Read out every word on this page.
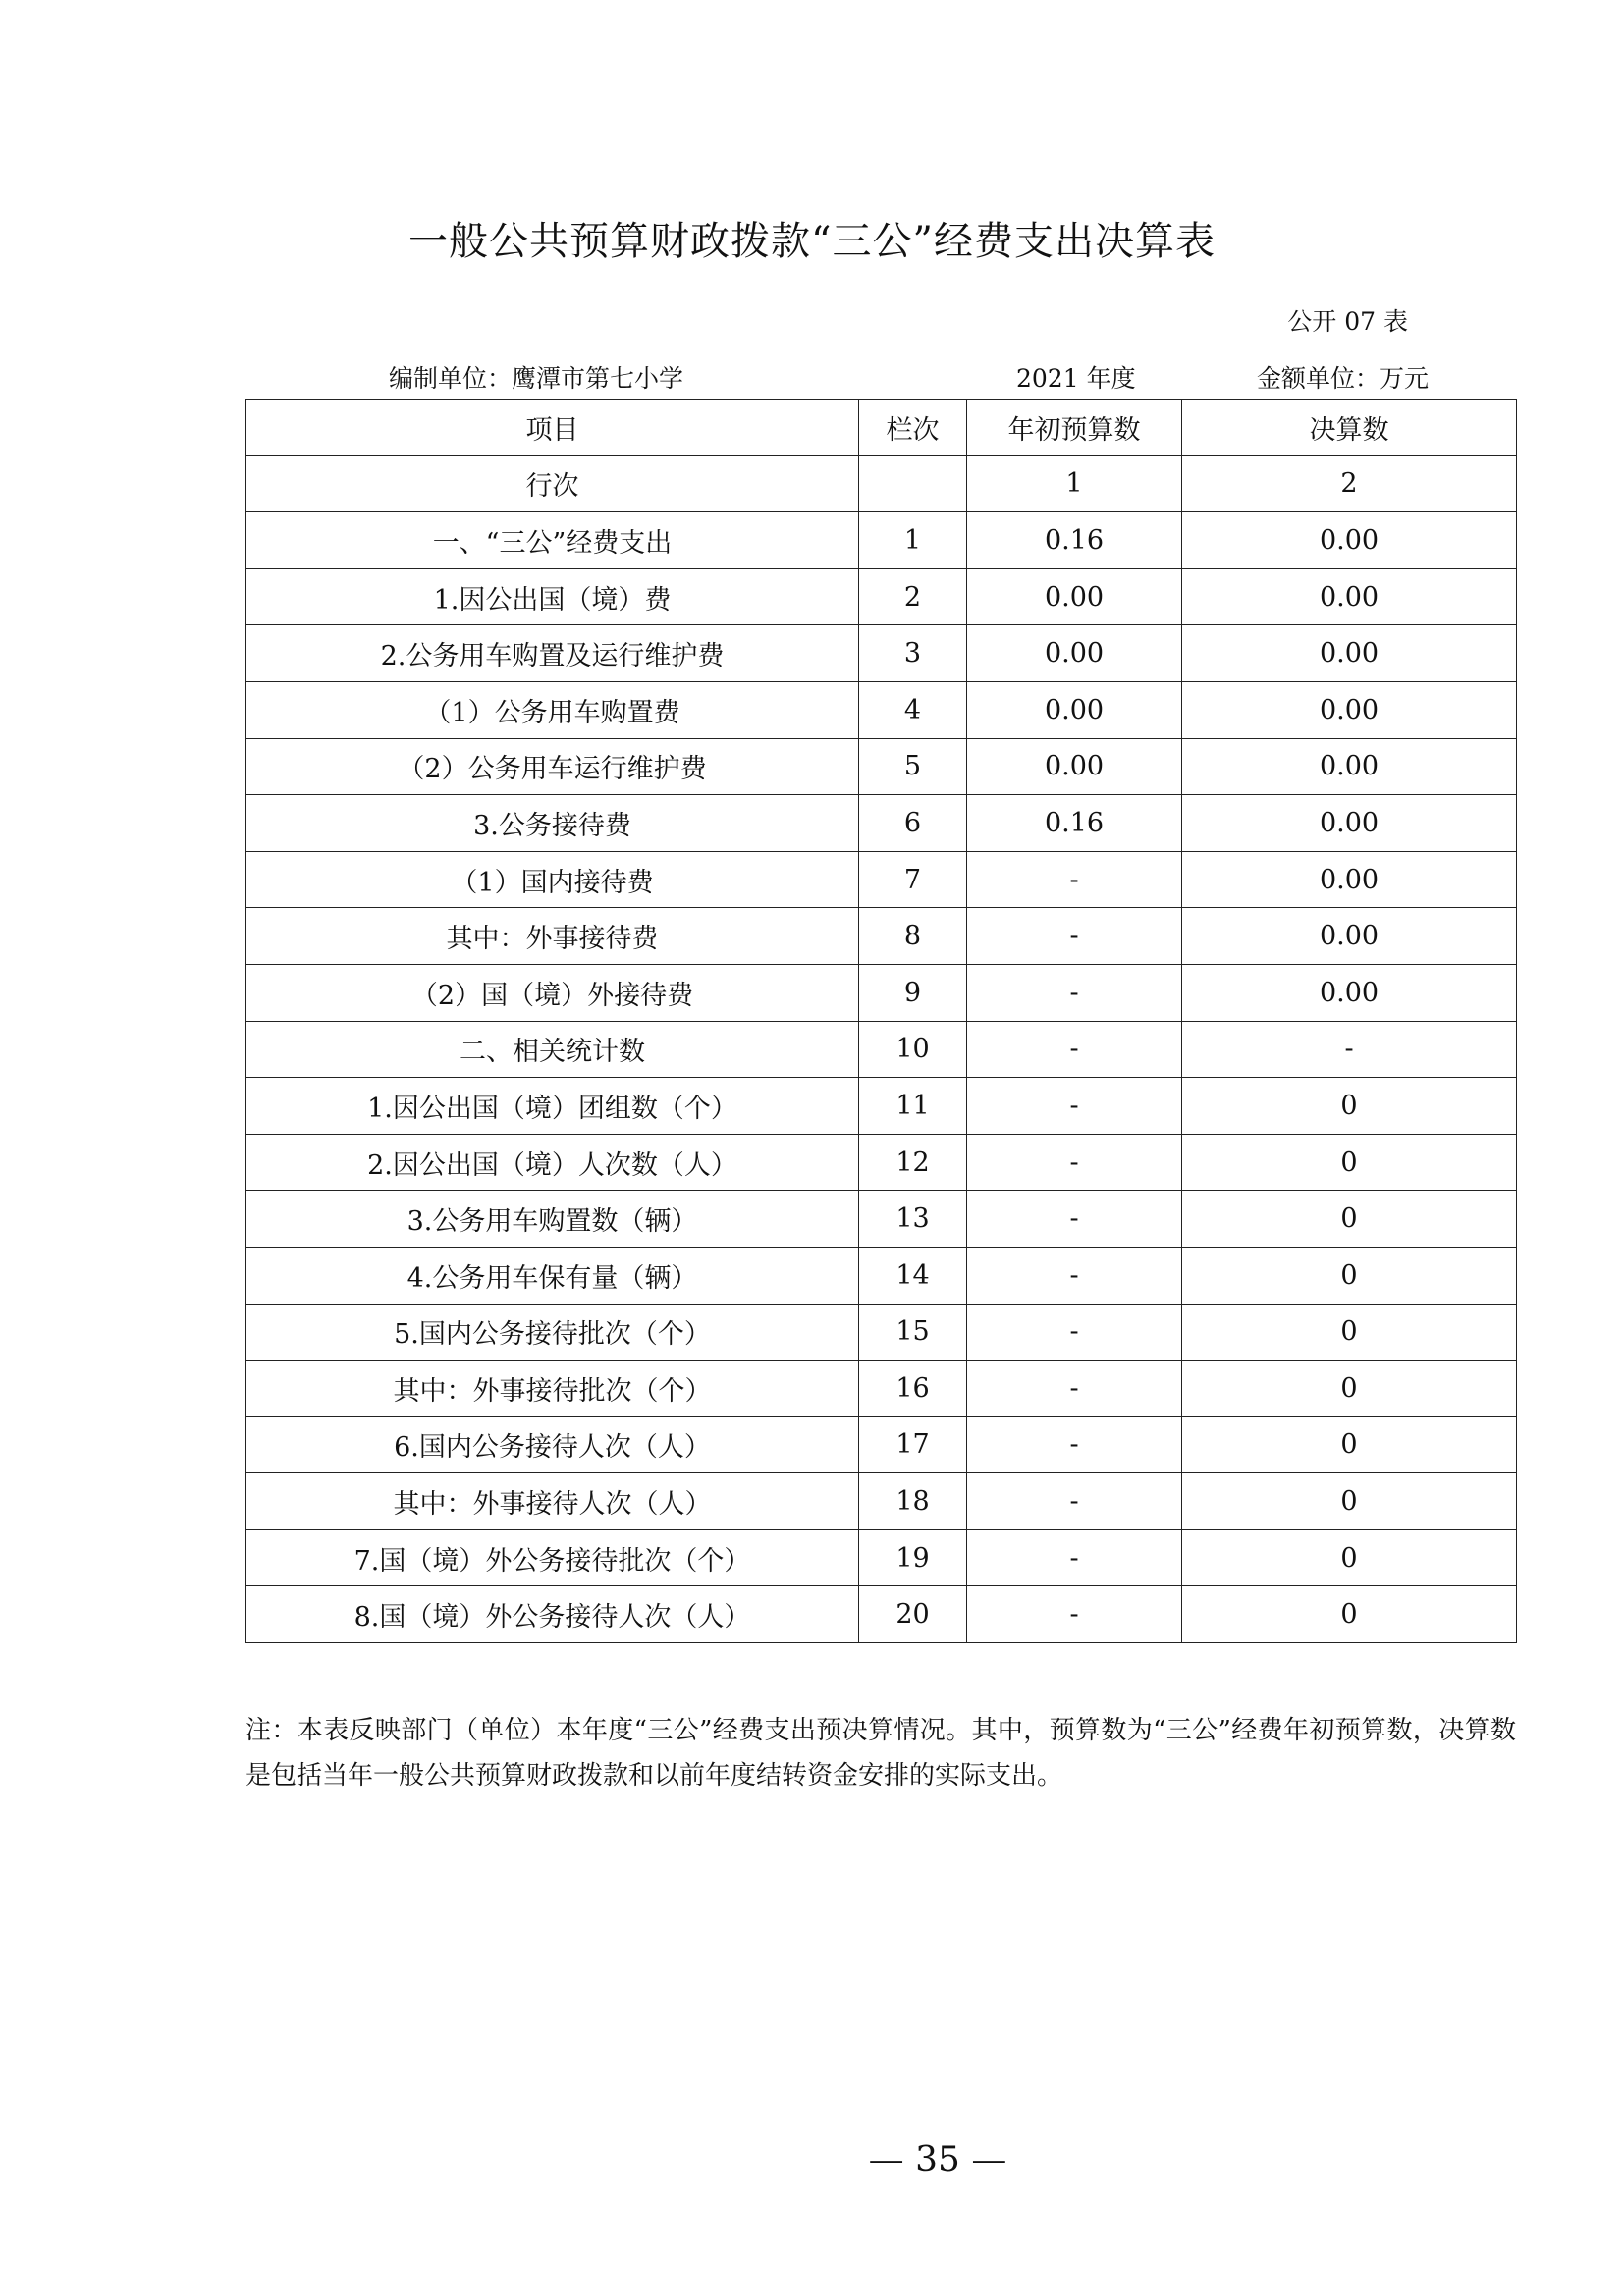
一般公共预算财政拨款“三公”经费支出决算表
公开 07 表
编制单位：鹰潭市第七小学	2021 年度	金额单位：万元
项目	栏次	年初预算数	决算数
行次		1	2
一、“三公”经费支出	1	0.16	0.00
1.因公出国（境）费	2	0.00	0.00
2.公务用车购置及运行维护费	3	0.00	0.00
（1）公务用车购置费	4	0.00	0.00
（2）公务用车运行维护费	5	0.00	0.00
3.公务接待费	6	0.16	0.00
（1）国内接待费	7	-	0.00
其中：外事接待费	8	-	0.00
（2）国（境）外接待费	9	-	0.00
二、相关统计数	10	-	-
1.因公出国（境）团组数（个）	11	-	0
2.因公出国（境）人次数（人）	12	-	0
3.公务用车购置数（辆）	13	-	0
4.公务用车保有量（辆）	14	-	0
5.国内公务接待批次（个）	15	-	0
其中：外事接待批次（个）	16	-	0
6.国内公务接待人次（人）	17	-	0
其中：外事接待人次（人）	18	-	0
7.国（境）外公务接待批次（个）	19	-	0
8.国（境）外公务接待人次（人）	20	-	0

注：本表反映部门（单位）本年度“三公”经费支出预决算情况。其中，预算数为“三公”经费年初预算数，决算数是包括当年一般公共预算财政拨款和以前年度结转资金安排的实际支出。

— 35 —
